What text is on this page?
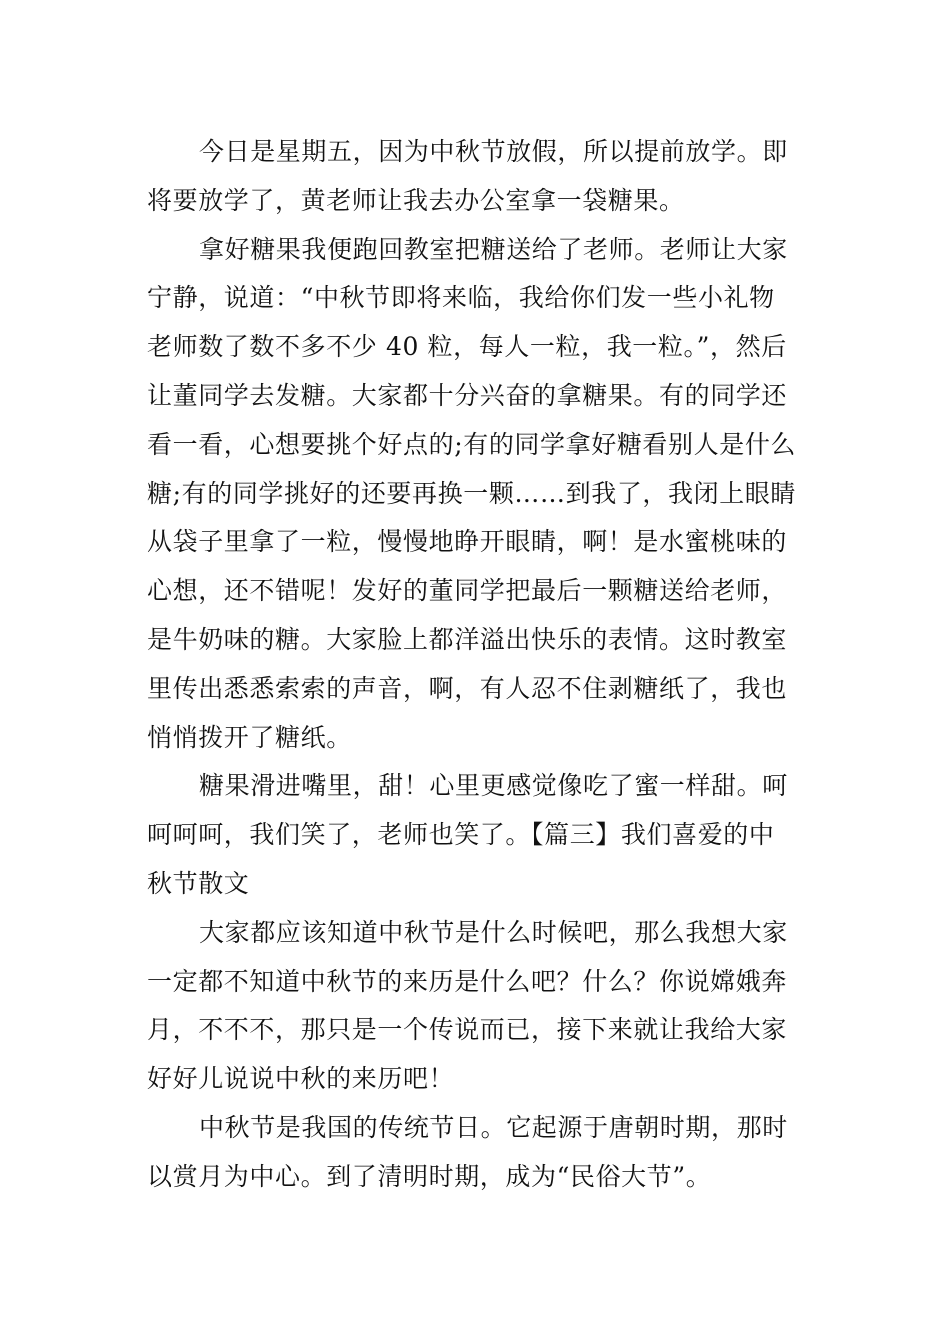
今日是星期五，因为中秋节放假，所以提前放学。即
将要放学了，黄老师让我去办公室拿一袋糖果。
拿好糖果我便跑回教室把糖送给了老师。老师让大家
宁静，说道：“中秋节即将来临，我给你们发一些小礼物
老师数了数不多不少 40 粒，每人一粒，我一粒。”，然后
让董同学去发糖。大家都十分兴奋的拿糖果。有的同学还
看一看，心想要挑个好点的;有的同学拿好糖看别人是什么
糖;有的同学挑好的还要再换一颗……到我了，我闭上眼睛
从袋子里拿了一粒，慢慢地睁开眼睛，啊！是水蜜桃味的
心想，还不错呢！发好的董同学把最后一颗糖送给老师，
是牛奶味的糖。大家脸上都洋溢出快乐的表情。这时教室
里传出悉悉索索的声音，啊，有人忍不住剥糖纸了，我也
悄悄拨开了糖纸。
糖果滑进嘴里，甜！心里更感觉像吃了蜜一样甜。呵
呵呵呵，我们笑了，老师也笑了。【篇三】我们喜爱的中
秋节散文
大家都应该知道中秋节是什么时候吧，那么我想大家
一定都不知道中秋节的来历是什么吧？什么？你说嫦娥奔
月，不不不，那只是一个传说而已，接下来就让我给大家
好好儿说说中秋的来历吧！
中秋节是我国的传统节日。它起源于唐朝时期，那时
以赏月为中心。到了清明时期，成为“民俗大节”。
